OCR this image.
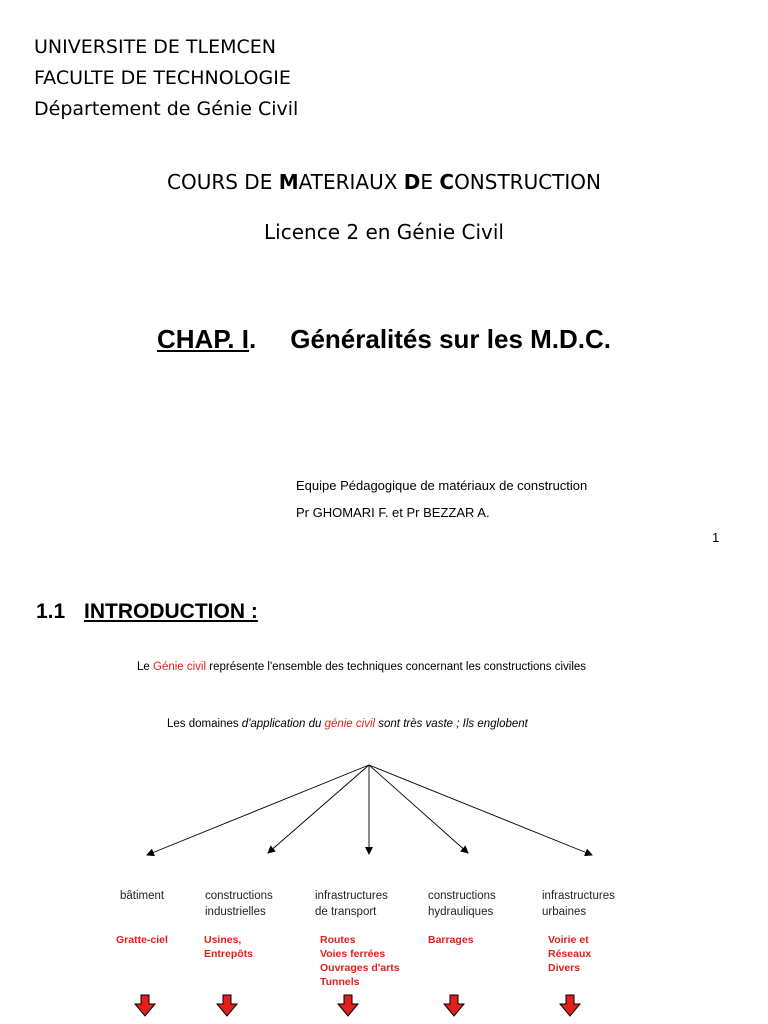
UNIVERSITE DE TLEMCEN
FACULTE DE TECHNOLOGIE
Département de Génie Civil
COURS DE MATERIAUX DE CONSTRUCTION
Licence 2 en Génie Civil
CHAP. I. Généralités sur les M.D.C.
Equipe Pédagogique de matériaux de construction
Pr GHOMARI F. et Pr BEZZAR A.
1
1.1 INTRODUCTION :
Le Génie civil représente l'ensemble des techniques concernant les constructions civiles
Les domaines d'application du génie civil sont très vaste ; Ils englobent
bâtiment	constructions
industrielles
infrastructures
de transport
constructions
hydrauliques
infrastructures
urbaines
Gratte-ciel	Usines,
Entrepôts
Routes
Voies ferrées
Ouvrages d'arts
Tunnels
Barrages	Voirie et
Réseaux
Divers
